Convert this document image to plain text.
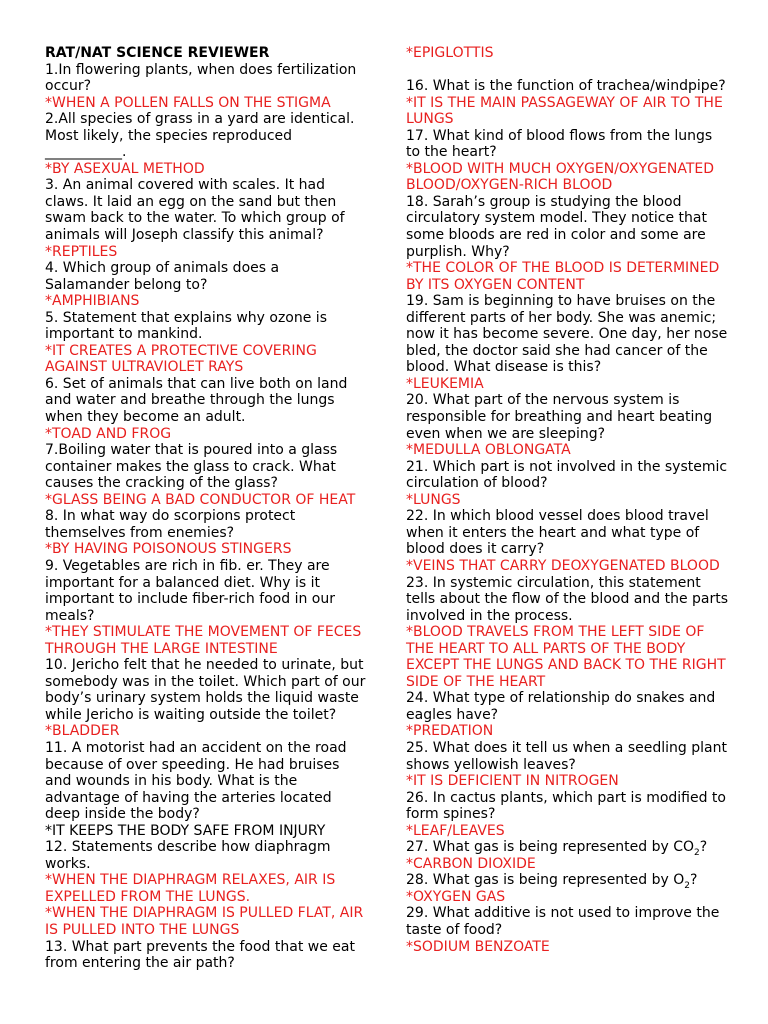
RAT/NAT SCIENCE REVIEWER
1.In flowering plants, when does fertilization occur?
*WHEN A POLLEN FALLS ON THE STIGMA
2.All species of grass in a yard are identical. Most likely, the species reproduced ___________.
*BY ASEXUAL METHOD
3. An animal covered with scales. It had claws. It laid an egg on the sand but then swam back to the water. To which group of animals will Joseph classify this animal?
*REPTILES
4. Which group of animals does a Salamander belong to?
*AMPHIBIANS
5. Statement that explains why ozone is important to mankind.
*IT CREATES A PROTECTIVE COVERING AGAINST ULTRAVIOLET RAYS
6. Set of animals that can live both on land and water and breathe through the lungs when they become an adult.
*TOAD AND FROG
7.Boiling water that is poured into a glass container makes the glass to crack. What causes the cracking of the glass?
*GLASS BEING A BAD CONDUCTOR OF HEAT
8. In what way do scorpions protect themselves from enemies?
*BY HAVING POISONOUS STINGERS
9. Vegetables are rich in fib. er. They are important for a balanced diet. Why is it important to include fiber-rich food in our meals?
*THEY STIMULATE THE MOVEMENT OF FECES THROUGH THE LARGE INTESTINE
10. Jericho felt that he needed to urinate, but somebody was in the toilet. Which part of our body’s urinary system holds the liquid waste while Jericho is waiting outside the toilet?
*BLADDER
11. A motorist had an accident on the road because of over speeding. He had bruises and wounds in his body. What is the advantage of having the arteries located deep inside the body?
*IT KEEPS THE BODY SAFE FROM INJURY
12. Statements describe how diaphragm works.
*WHEN THE DIAPHRAGM RELAXES, AIR IS EXPELLED FROM THE LUNGS.
*WHEN THE DIAPHRAGM IS PULLED FLAT, AIR IS PULLED INTO THE LUNGS
13. What part prevents the food that we eat from entering the air path?
*EPIGLOTTIS
16. What is the function of trachea/windpipe?
*IT IS THE MAIN PASSAGEWAY OF AIR TO THE LUNGS
17. What kind of blood flows from the lungs to the heart?
*BLOOD WITH MUCH OXYGEN/OXYGENATED BLOOD/OXYGEN-RICH BLOOD
18. Sarah’s group is studying the blood circulatory system model. They notice that some bloods are red in color and some are purplish. Why?
*THE COLOR OF THE BLOOD IS DETERMINED BY ITS OXYGEN CONTENT
19. Sam is beginning to have bruises on the different parts of her body. She was anemic; now it has become severe. One day, her nose bled, the doctor said she had cancer of the blood. What disease is this?
*LEUKEMIA
20. What part of the nervous system is responsible for breathing and heart beating even when we are sleeping?
*MEDULLA OBLONGATA
21. Which part is not involved in the systemic circulation of blood?
*LUNGS
22. In which blood vessel does blood travel when it enters the heart and what type of blood does it carry?
*VEINS THAT CARRY DEOXYGENATED BLOOD
23. In systemic circulation, this statement tells about the flow of the blood and the parts involved in the process.
*BLOOD TRAVELS FROM THE LEFT SIDE OF THE HEART TO ALL PARTS OF THE BODY EXCEPT THE LUNGS AND BACK TO THE RIGHT SIDE OF THE HEART
24. What type of relationship do snakes and eagles have?
*PREDATION
25. What does it tell us when a seedling plant shows yellowish leaves?
*IT IS DEFICIENT IN NITROGEN
26. In cactus plants, which part is modified to form spines?
*LEAF/LEAVES
27. What gas is being represented by $CO_2$?
*CARBON DIOXIDE
28. What gas is being represented by $O_2$?
*OXYGEN GAS
29. What additive is not used to improve the taste of food?
*SODIUM BENZOATE
